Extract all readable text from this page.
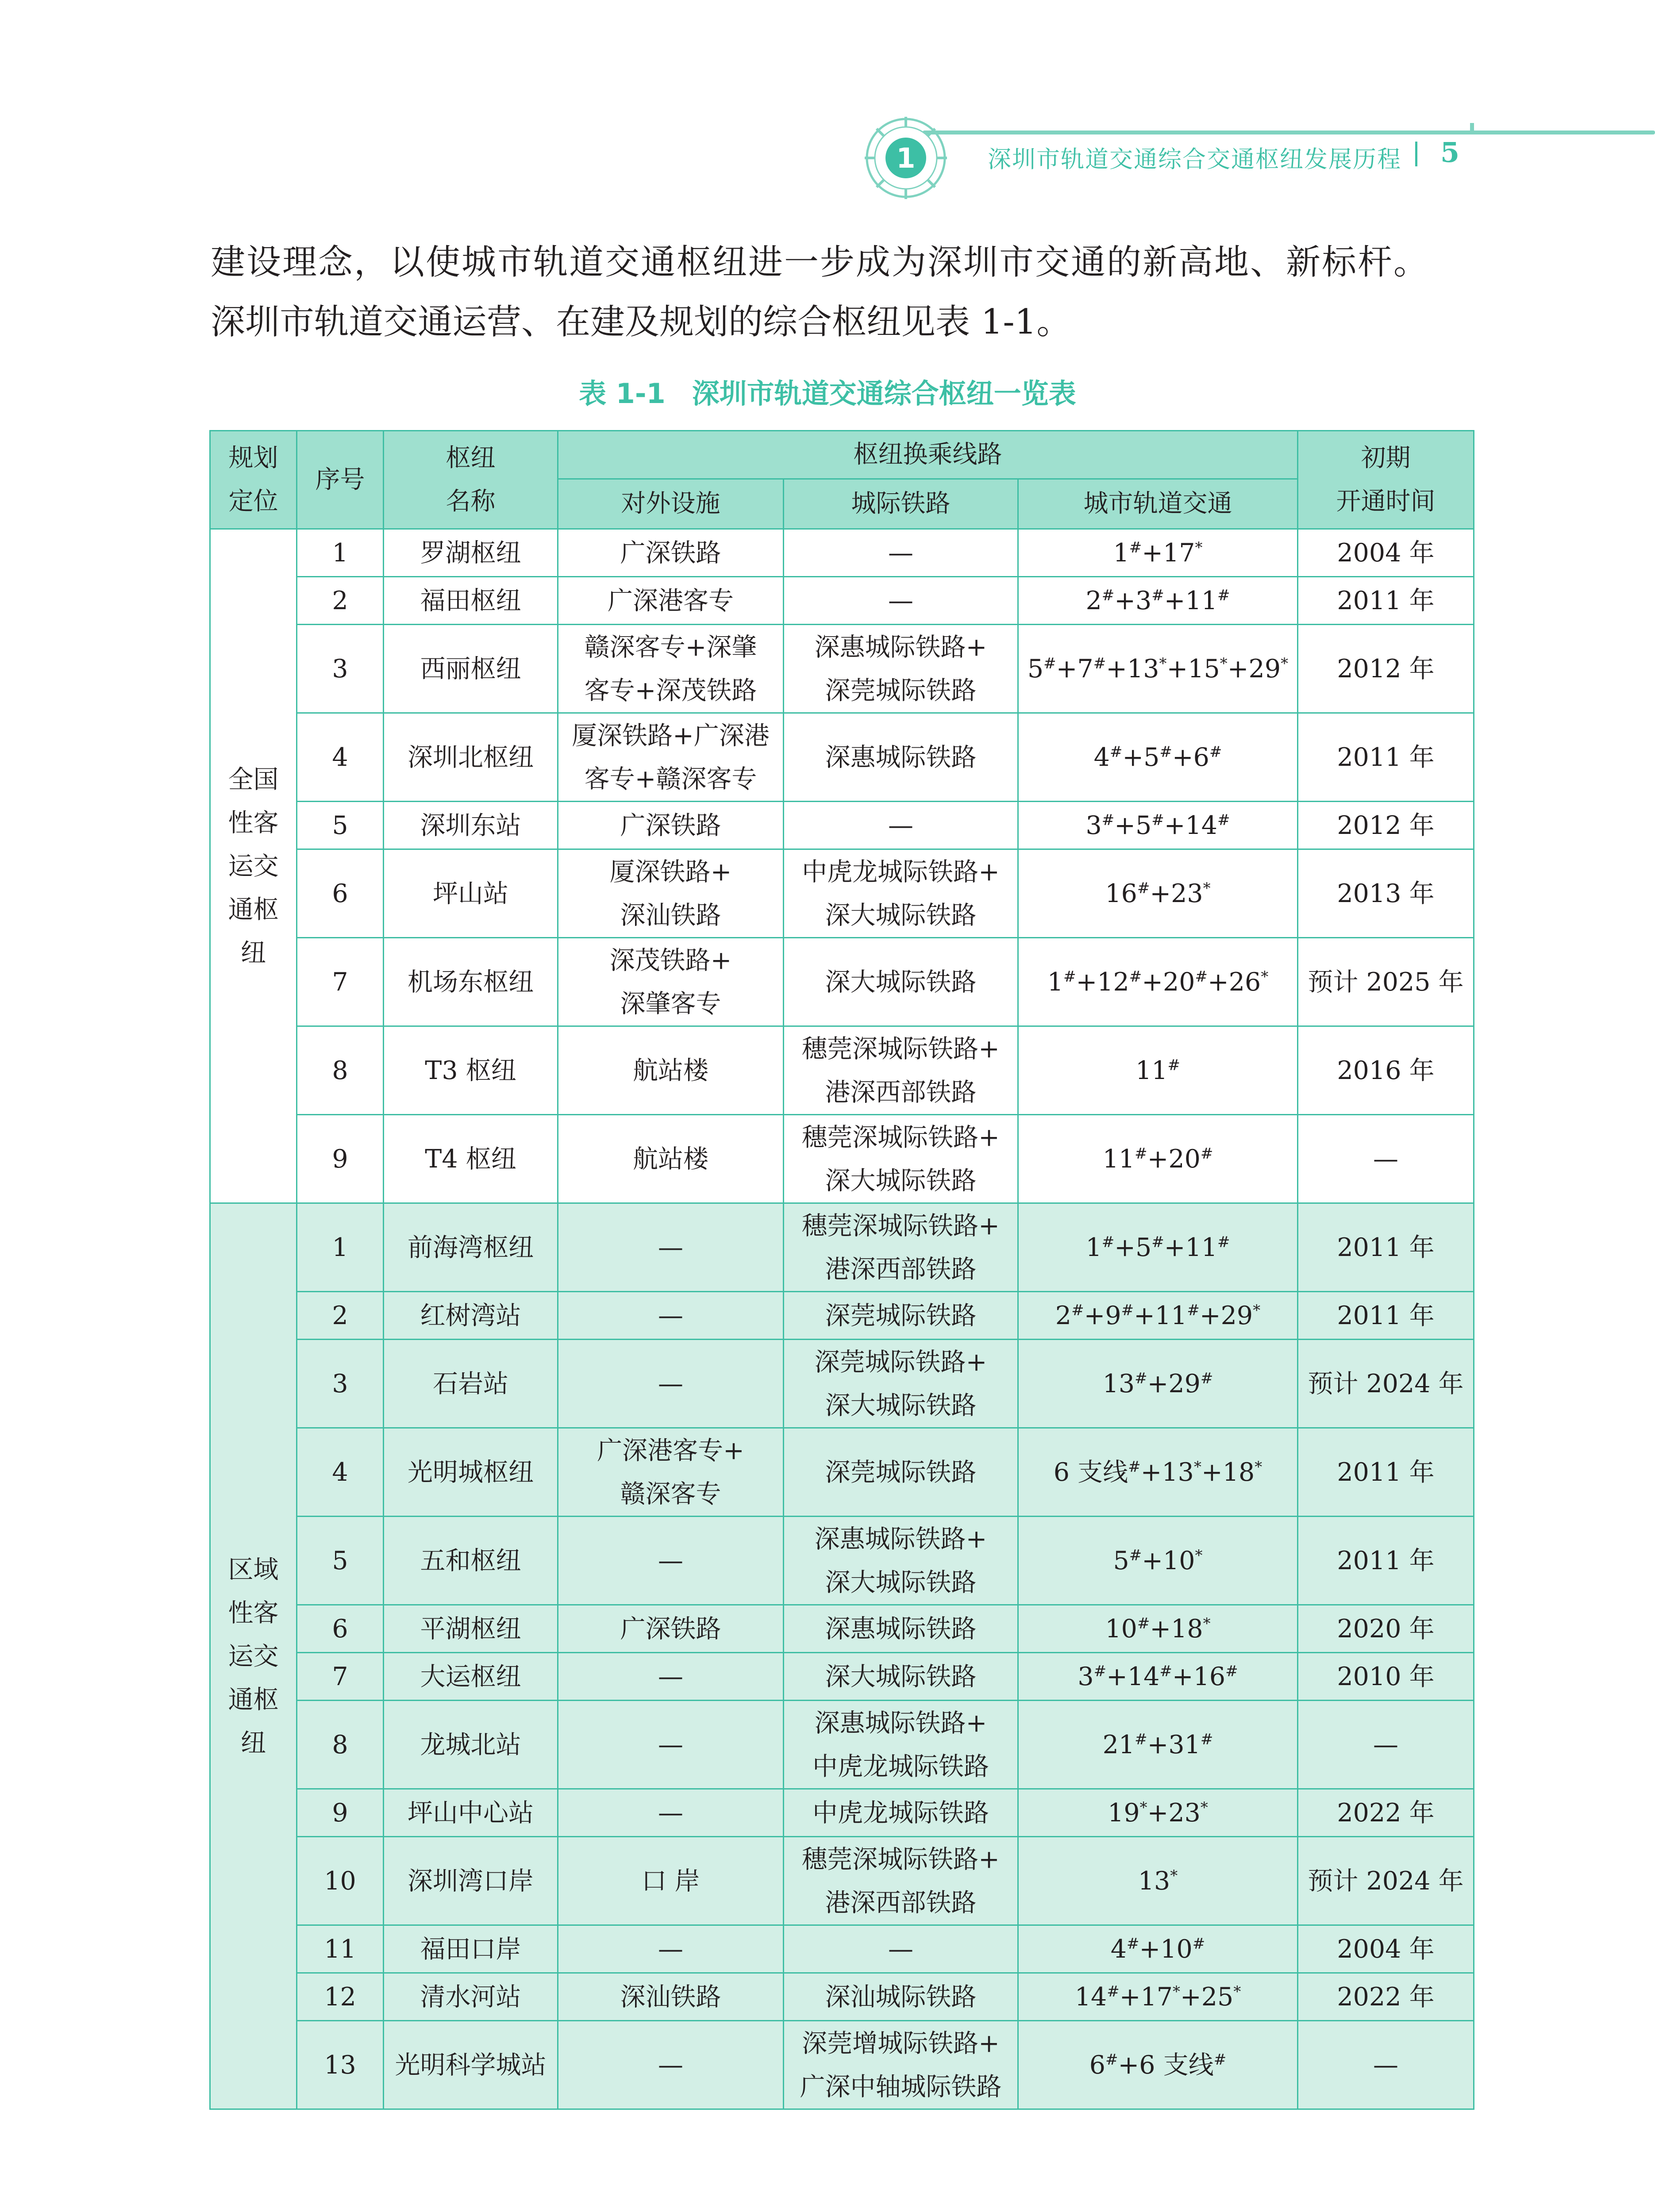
1	深圳市轨道交通综合交通枢纽发展历程 5
建设理念，以使城市轨道交通枢纽进一步成为深圳市交通的新高地、新标杆。
深圳市轨道交通运营、在建及规划的综合枢纽见表 1-1。
表 1-1 深圳市轨道交通综合枢纽一览表
规划
定位	序号	枢纽
名称	枢纽换乘线路			初期
开通时间

			对外设施	城际铁路	城市轨道交通	

全国
性客
运交
通枢
纽	1	罗湖枢纽	广深铁路	—	1#+17*	2004 年
	2	福田枢纽	广深港客专	—	2#+3#+11#	2011 年
	3	西丽枢纽	赣深客专+深肇
客专+深茂铁路	深惠城际铁路+
深莞城际铁路	5#+7#+13*+15*+29*	2012 年
	4	深圳北枢纽	厦深铁路+广深港
客专+赣深客专	深惠城际铁路	4#+5#+6#	2011 年
	5	深圳东站	广深铁路	—	3#+5#+14#	2012 年
	6	坪山站	厦深铁路+
深汕铁路	中虎龙城际铁路+
深大城际铁路	16#+23*	2013 年
	7	机场东枢纽	深茂铁路+
深肇客专	深大城际铁路	1#+12#+20#+26*	预计 2025 年
	8	T3 枢纽	航站楼	穗莞深城际铁路+
港深西部铁路	11#	2016 年
	9	T4 枢纽	航站楼	穗莞深城际铁路+
深大城际铁路	11#+20#	—

区域
性客
运交
通枢
纽	1	前海湾枢纽	—	穗莞深城际铁路+
港深西部铁路	1#+5#+11#	2011 年
	2	红树湾站	—	深莞城际铁路	2#+9#+11#+29*	2011 年
	3	石岩站	—	深莞城际铁路+
深大城际铁路	13#+29#	预计 2024 年
	4	光明城枢纽	广深港客专+
赣深客专	深莞城际铁路	6 支线#+13*+18*	2011 年
	5	五和枢纽	—	深惠城际铁路+
深大城际铁路	5#+10*	2011 年
	6	平湖枢纽	广深铁路	深惠城际铁路	10#+18*	2020 年
	7	大运枢纽	—	深大城际铁路	3#+14#+16#	2010 年
	8	龙城北站	—	深惠城际铁路+
中虎龙城际铁路	21#+31#	—
	9	坪山中心站	—	中虎龙城际铁路	19*+23*	2022 年
	10	深圳湾口岸	口 岸	穗莞深城际铁路+
港深西部铁路	13*	预计 2024 年
	11	福田口岸	—	—	4#+10#	2004 年
	12	清水河站	深汕铁路	深汕城际铁路	14#+17*+25*	2022 年
	13	光明科学城站	—	深莞增城际铁路+
广深中轴城际铁路	6#+6 支线#	—
